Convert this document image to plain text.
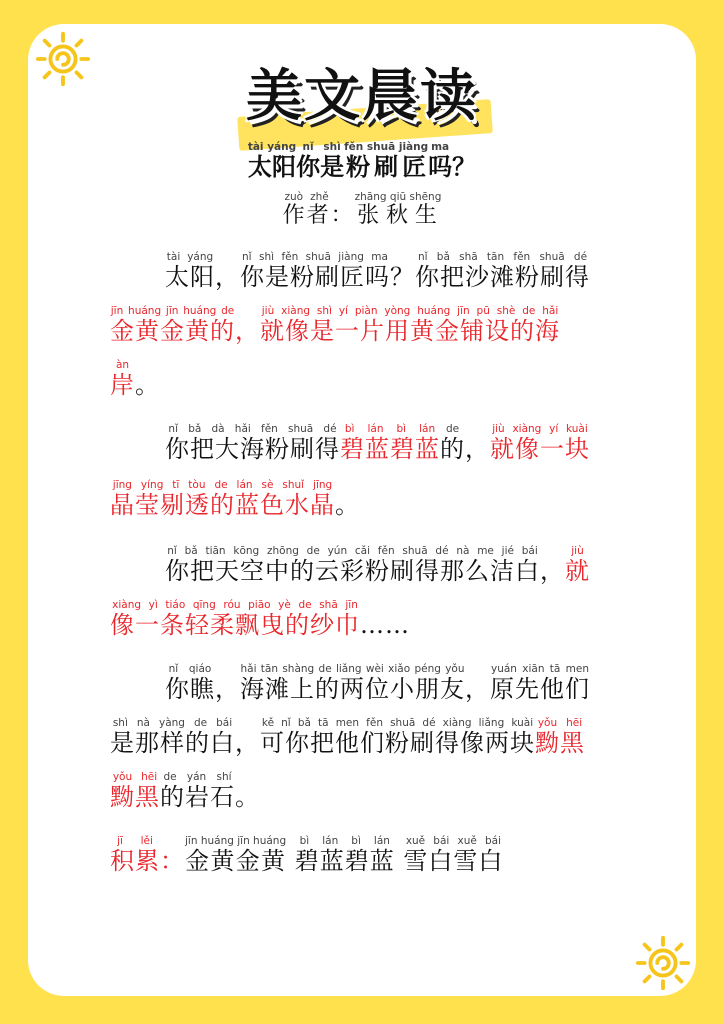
美文晨读
太阳tài yáng你nǐ是shì粉刷匠fěn shuā jiàng吗ma？
作者zuò zhě：张秋生zhāng qiū shēng
太阳tài yáng，你是粉刷匠吗nǐ shì fěn shuā jiàng ma？你把沙滩粉刷得nǐ bǎ shā tān fěn shuā dé
金黄金黄的jīn huáng jīn huáng de，就像是一片用黄金铺设的海jiù xiàng shì yí piàn yòng huáng jīn pū shè de hǎi
岸àn。
你把大海粉刷得nǐ bǎ dà hǎi fěn shuā dé碧蓝碧蓝bì lán bì lán的de，就像一块jiù xiàng yí kuài
晶莹剔透的蓝色水晶jīng yíng tī tòu de lán sè shuǐ jīng。
你把天空中的云彩粉刷得那么洁白nǐ bǎ tiān kōng zhōng de yún cǎi fěn shuā dé nà me jié bái，就jiù
像一条轻柔飘曳的纱巾xiàng yì tiáo qīng róu piāo yè de shā jīn……
你瞧nǐ qiáo，海滩上的两位小朋友hǎi tān shàng de liǎng wèi xiǎo péng yǒu，原先他们yuán xiān tā men
是那样的白shì nà yàng de bái，可你把他们粉刷得像两块kě nǐ bǎ tā men fěn shuā dé xiàng liǎng kuài黝黑yǒu hēi
黝黑yǒu hēi的岩石de yán shí。
积累jī lěi：金黄金黄jīn huáng jīn huáng 碧蓝碧蓝bì lán bì lán 雪白雪白xuě bái xuě bái
